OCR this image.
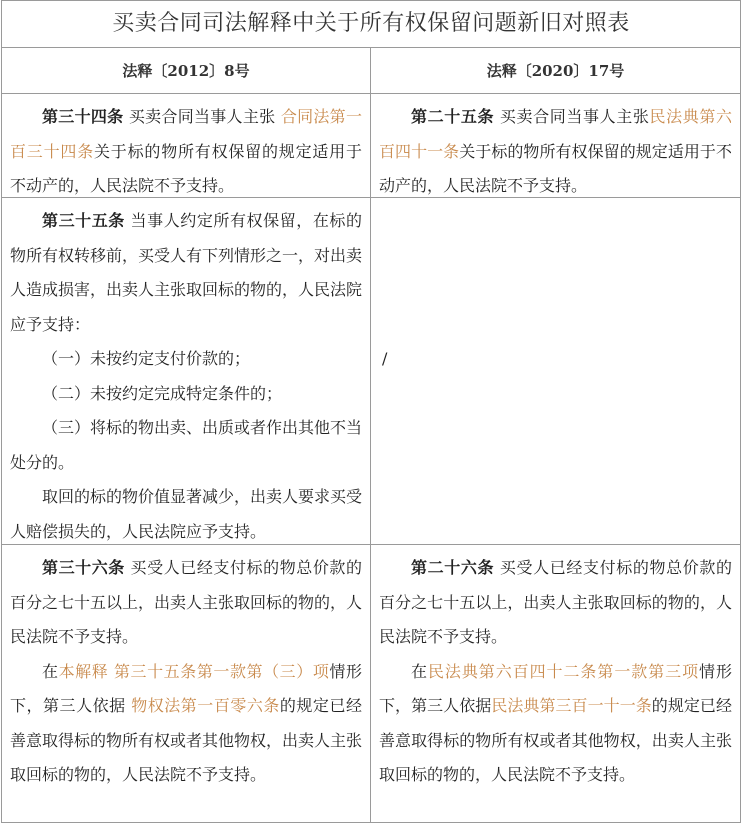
买卖合同司法解释中关于所有权保留问题新旧对照表
法释〔2012〕8号	法释〔2020〕17号

第三十四条 买卖合同当事人主张 合同法第一百三十四条关于标的物所有权保留的规定适用于不动产的，人民法院不予支持。

第二十五条 买卖合同当事人主张民法典第六百四十一条关于标的物所有权保留的规定适用于不动产的，人民法院不予支持。

第三十五条 当事人约定所有权保留，在标的物所有权转移前，买受人有下列情形之一，对出卖人造成损害，出卖人主张取回标的物的，人民法院应予支持：

（一）未按约定支付价款的；

（二）未按约定完成特定条件的；

（三）将标的物出卖、出质或者作出其他不当处分的。

取回的标的物价值显著减少，出卖人要求买受人赔偿损失的，人民法院应予支持。

/

第三十六条 买受人已经支付标的物总价款的百分之七十五以上，出卖人主张取回标的物的，人民法院不予支持。

在本解释 第三十五条第一款第（三）项情形下，第三人依据 物权法第一百零六条的规定已经善意取得标的物所有权或者其他物权，出卖人主张取回标的物的，人民法院不予支持。

第二十六条 买受人已经支付标的物总价款的百分之七十五以上，出卖人主张取回标的物的，人民法院不予支持。

在民法典第六百四十二条第一款第三项情形下，第三人依据民法典第三百一十一条的规定已经善意取得标的物所有权或者其他物权，出卖人主张取回标的物的，人民法院不予支持。
